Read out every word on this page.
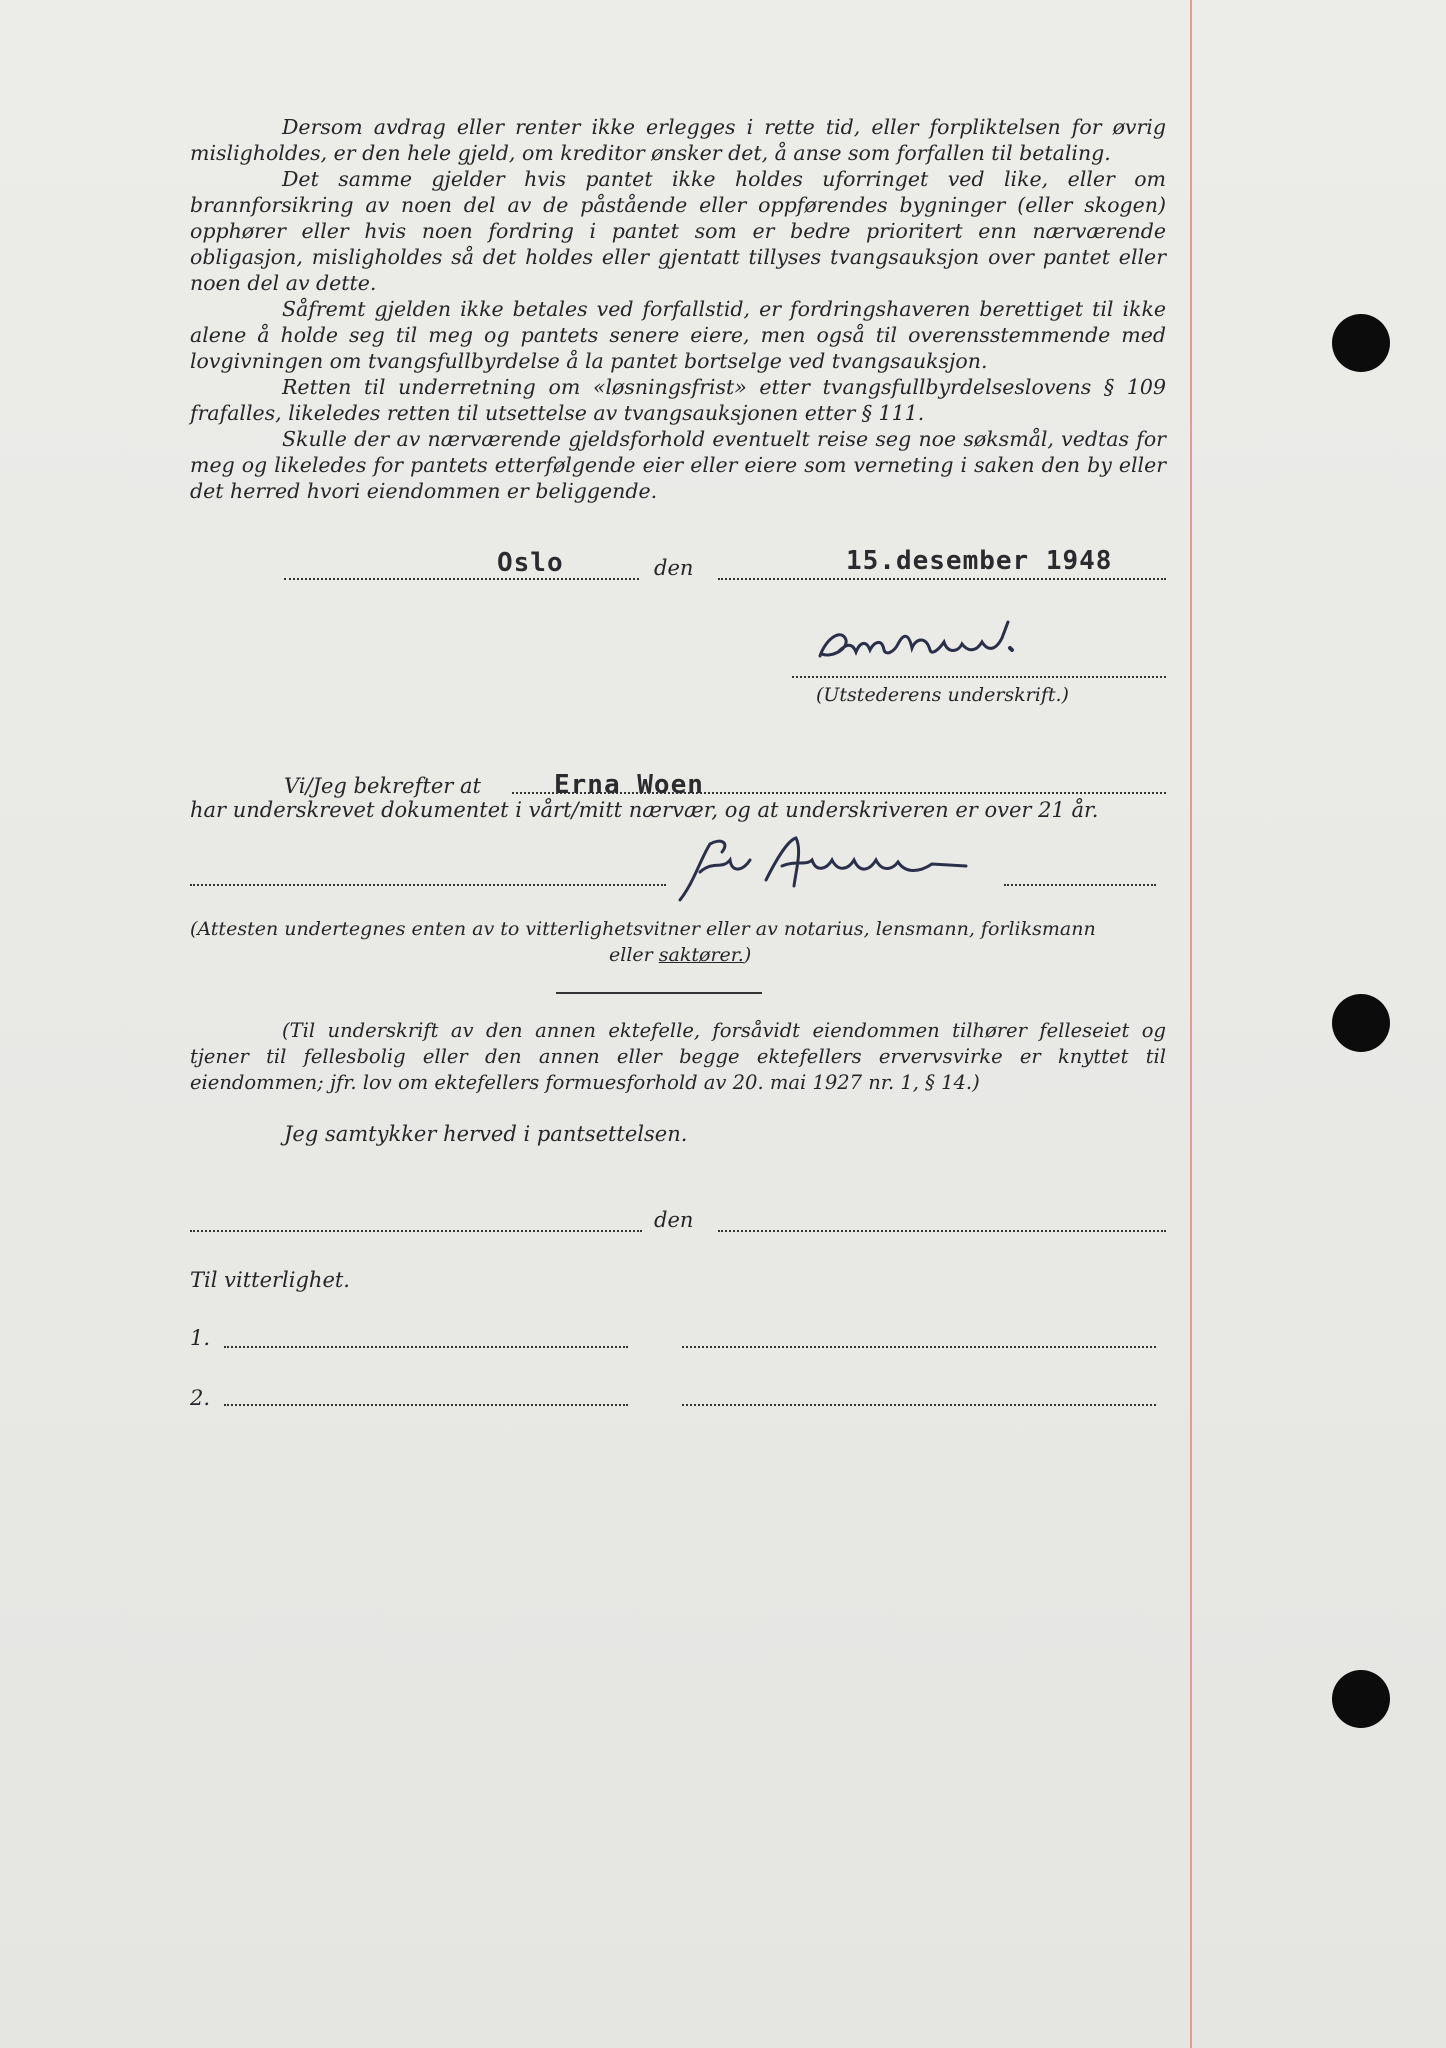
Dersom avdrag eller renter ikke erlegges i rette tid, eller forpliktelsen for øvrig misligholdes, er den hele gjeld, om kreditor ønsker det, å anse som forfallen til betaling.

Det samme gjelder hvis pantet ikke holdes uforringet ved like, eller om brannforsikring av noen del av de påstående eller oppførendes bygninger (eller skogen) opphører eller hvis noen fordring i pantet som er bedre prioritert enn nærværende obligasjon, misligholdes så det holdes eller gjentatt tillyses tvangsauksjon over pantet eller noen del av dette.

Såfremt gjelden ikke betales ved forfallstid, er fordringshaveren berettiget til ikke alene å holde seg til meg og pantets senere eiere, men også til overensstemmende med lovgivningen om tvangsfullbyrdelse å la pantet bortselge ved tvangsauksjon.

Retten til underretning om «løsningsfrist» etter tvangsfullbyrdelseslovens § 109 frafalles, likeledes retten til utsettelse av tvangsauksjonen etter § 111.

Skulle der av nærværende gjeldsforhold eventuelt reise seg noe søksmål, vedtas for meg og likeledes for pantets etterfølgende eier eller eiere som verneting i saken den by eller det herred hvori eiendommen er beliggende.

Oslo	den	15.desember 1948
(Utstederens underskrift.)
Vi/Jeg bekrefter at	Erna Woen
har underskrevet dokumentet i vårt/mitt nærvær, og at underskriveren er over 21 år.
(Attesten undertegnes enten av to vitterlighetsvitner eller av notarius, lensmann, forliksmann
eller saktører.)
(Til underskrift av den annen ektefelle, forsåvidt eiendommen tilhører felleseiet og tjener til fellesbolig eller den annen eller begge ektefellers ervervsvirke er knyttet til eiendommen; jfr. lov om ektefellers formuesforhold av 20. mai 1927 nr. 1, § 14.)
Jeg samtykker herved i pantsettelsen.
den
Til vitterlighet.
1.
2.
